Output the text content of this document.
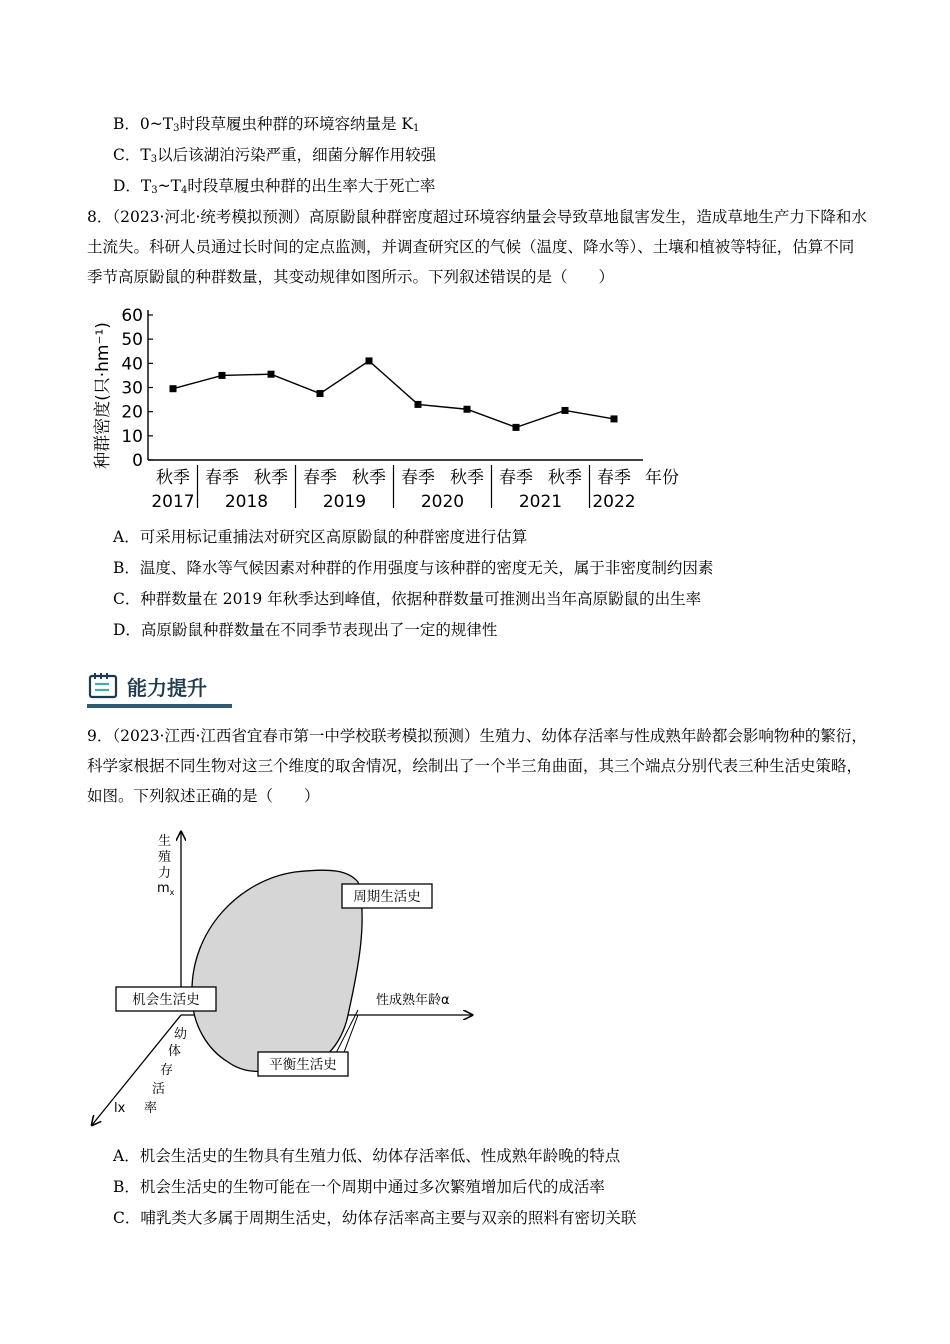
B．$0\sim T_3$时段草履虫种群的环境容纳量是 $K_1$
C．$T_3$以后该湖泊污染严重，细菌分解作用较强
D．$T_3\sim T_4$时段草履虫种群的出生率大于死亡率
8．（2023·河北·统考模拟预测）高原鼢鼠种群密度超过环境容纳量会导致草地鼠害发生，造成草地生产力下降和水土流失。科研人员通过长时间的定点监测，并调查研究区的气候（温度、降水等）、土壤和植被等特征，估算不同季节高原鼢鼠的种群数量，其变动规律如图所示。下列叙述错误的是（　　）
0
10
20
30
40
50
60
种群密度(只·hm⁻¹)
秋季 春季 秋季 春季 秋季 春季 秋季 春季 秋季 春季
2017 2018	2019	2020	2021 2022
年份
A．可采用标记重捕法对研究区高原鼢鼠的种群密度进行估算
B．温度、降水等气候因素对种群的作用强度与该种群的密度无关，属于非密度制约因素
C．种群数量在 2019 年秋季达到峰值，依据种群数量可推测出当年高原鼢鼠的出生率
D．高原鼢鼠种群数量在不同季节表现出了一定的规律性
能力提升
9．（2023·江西·江西省宜春市第一中学校联考模拟预测）生殖力、幼体存活率与性成熟年龄都会影响物种的繁衍，科学家根据不同生物对这三个维度的取舍情况，绘制出了一个半三角曲面，其三个端点分别代表三种生活史策略，如图。下列叙述正确的是（　　）
生
殖
力
$m_x$
性成熟年龄α
幼
体
存
活
率
lx
周期生活史
机会生活史
平衡生活史
A．机会生活史的生物具有生殖力低、幼体存活率低、性成熟年龄晚的特点
B．机会生活史的生物可能在一个周期中通过多次繁殖增加后代的成活率
C．哺乳类大多属于周期生活史，幼体存活率高主要与双亲的照料有密切关联
